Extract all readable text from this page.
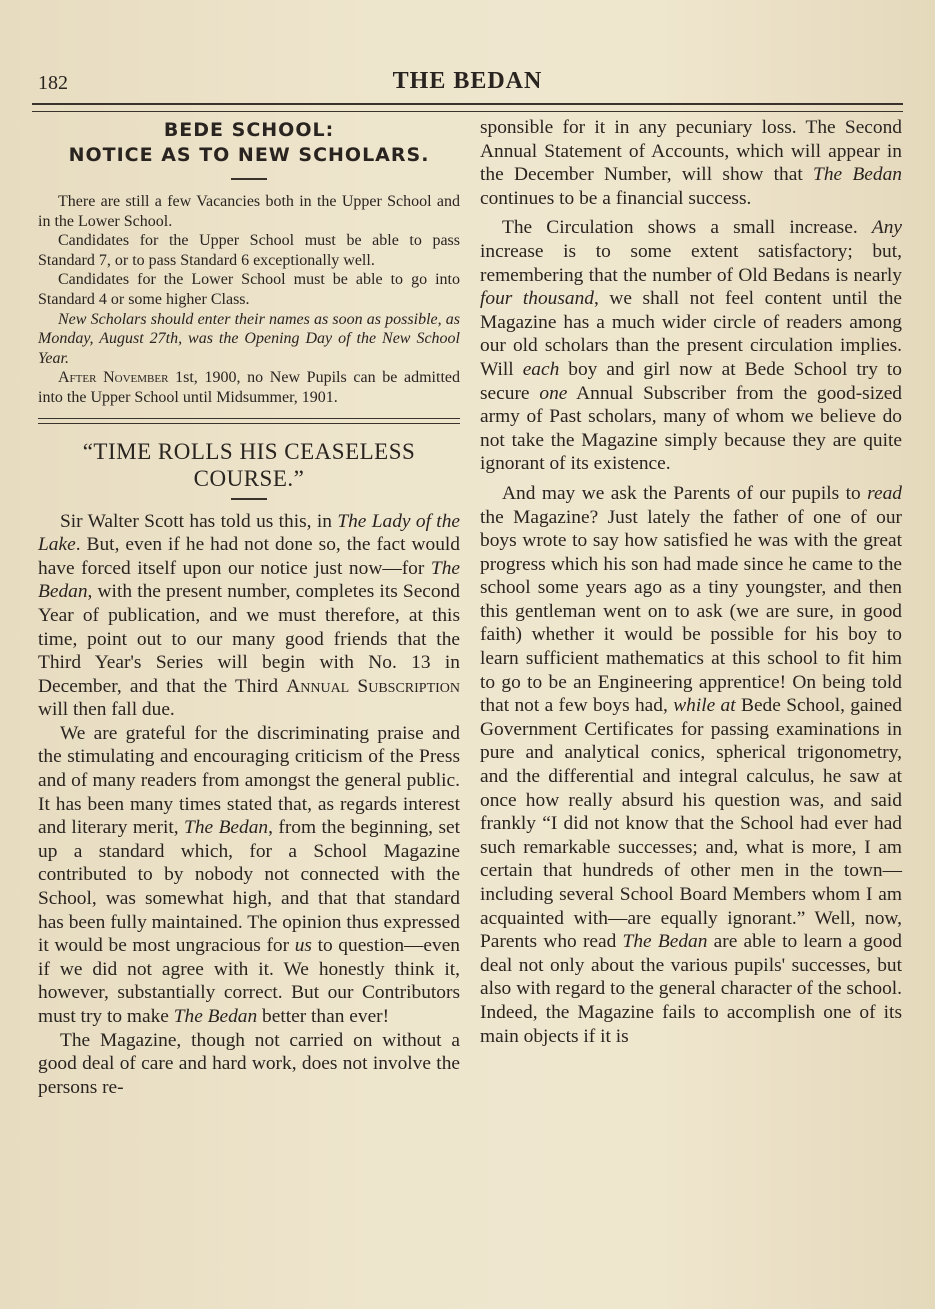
182	THE BEDAN
BEDE SCHOOL:
NOTICE AS TO NEW SCHOLARS.

There are still a few Vacancies both in the Upper School and in the Lower School.

Candidates for the Upper School must be able to pass Standard 7, or to pass Standard 6 exceptionally well.

Candidates for the Lower School must be able to go into Standard 4 or some higher Class.

New Scholars should enter their names as soon as possible, as Monday, August 27th, was the Opening Day of the New School Year.

After November 1st, 1900, no New Pupils can be admitted into the Upper School until Midsummer, 1901.

“TIME ROLLS HIS CEASELESS
COURSE.”

Sir Walter Scott has told us this, in The Lady of the Lake. But, even if he had not done so, the fact would have forced itself upon our notice just now—for The Bedan, with the present number, completes its Second Year of publication, and we must therefore, at this time, point out to our many good friends that the Third Year's Series will begin with No. 13 in December, and that the Third Annual Subscription will then fall due.

We are grateful for the discriminating praise and the stimulating and encouraging criticism of the Press and of many readers from amongst the general public. It has been many times stated that, as regards interest and literary merit, The Bedan, from the beginning, set up a standard which, for a School Magazine contributed to by nobody not connected with the School, was somewhat high, and that that standard has been fully maintained. The opinion thus expressed it would be most ungracious for us to question—even if we did not agree with it. We honestly think it, however, substantially correct. But our Contributors must try to make The Bedan better than ever!

The Magazine, though not carried on without a good deal of care and hard work, does not involve the persons re-

sponsible for it in any pecuniary loss. The Second Annual Statement of Accounts, which will appear in the December Number, will show that The Bedan continues to be a financial success.

The Circulation shows a small increase. Any increase is to some extent satisfactory; but, remembering that the number of Old Bedans is nearly four thousand, we shall not feel content until the Magazine has a much wider circle of readers among our old scholars than the present circulation implies. Will each boy and girl now at Bede School try to secure one Annual Subscriber from the good-sized army of Past scholars, many of whom we believe do not take the Magazine simply because they are quite ignorant of its existence.

And may we ask the Parents of our pupils to read the Magazine? Just lately the father of one of our boys wrote to say how satisfied he was with the great progress which his son had made since he came to the school some years ago as a tiny youngster, and then this gentleman went on to ask (we are sure, in good faith) whether it would be possible for his boy to learn sufficient mathematics at this school to fit him to go to be an Engineering apprentice! On being told that not a few boys had, while at Bede School, gained Government Certificates for passing examinations in pure and analytical conics, spherical trigonometry, and the differential and integral calculus, he saw at once how really absurd his question was, and said frankly “I did not know that the School had ever had such remarkable successes; and, what is more, I am certain that hundreds of other men in the town—including several School Board Members whom I am acquainted with—are equally ignorant.” Well, now, Parents who read The Bedan are able to learn a good deal not only about the various pupils' successes, but also with regard to the general character of the school. Indeed, the Magazine fails to accomplish one of its main objects if it is
